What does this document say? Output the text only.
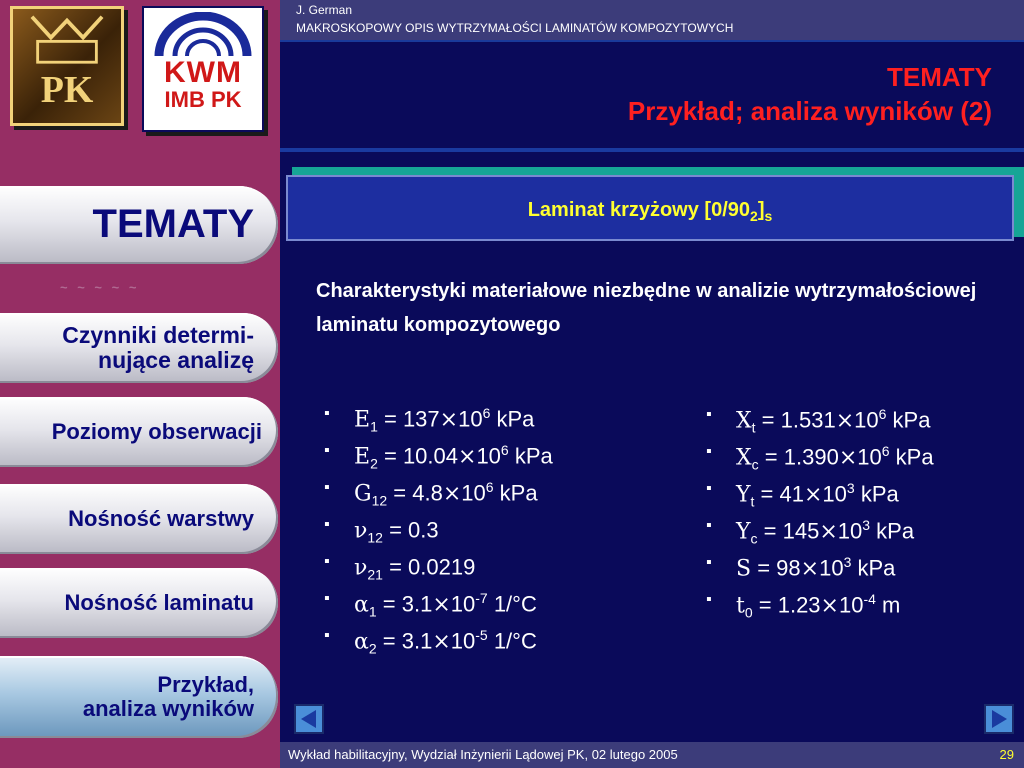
PK	KWM
IMB PK
TEMATY
~ ~ ~ ~ ~
Czynniki determi-
nujące analizę
Poziomy obserwacji
Nośność warstwy
Nośność laminatu
Przykład,
analiza wyników
J. German
MAKROSKOPOWY OPIS WYTRZYMAŁOŚCI LAMINATÓW KOMPOZYTOWYCH
TEMATY
Przykład; analiza wyników (2)
Laminat krzyżowy $[0/90_2]_s$
Charakterystyki materiałowe niezbędne w analizie wytrzymałościowej laminatu kompozytowego
▪ $E_1 = 137\times 10^6$ kPa
▪ $E_2 = 10.04\times 10^6$ kPa
▪ $G_{12} = 4.8\times 10^6$ kPa
▪ $\nu_{12} = 0.3$
▪ $\nu_{21} = 0.0219$
▪ $\alpha_1 = 3.1\times 10^{-7}$ 1/°C
▪ $\alpha_2 = 3.1\times 10^{-5}$ 1/°C
▪ $X_t = 1.531\times 10^6$ kPa
▪ $X_c = 1.390\times 10^6$ kPa
▪ $Y_t = 41\times 10^3$ kPa
▪ $Y_c = 145\times 10^3$ kPa
▪ $S = 98\times 10^3$ kPa
▪ $t_0 = 1.23\times 10^{-4}$ m
Wykład habilitacyjny, Wydział Inżynierii Lądowej PK, 02 lutego 2005	29
